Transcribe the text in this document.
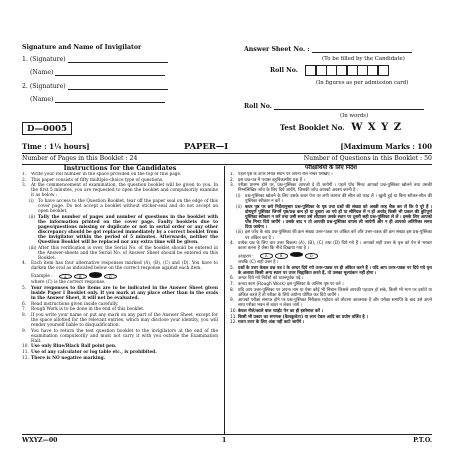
Signature and Name of Invigilator
1. (Signature)
(Name)
2. (Signature)
(Name)
Answer Sheet No. :
(To be filled by the Candidate)
Roll No.
(In figures as per admission card)
Roll No.
(In words)
Test Booklet No. W X Y Z
D—0005
Time : 1¼ hours]	PAPER—I	[Maximum Marks : 100
Number of Pages in this Booklet : 24	Number of Questions in this Booklet : 50
Instructions for the Candidates	परीक्षार्थियों के लिए निर्देश
1. Write your roll number in the space provided on the top of this page.
2. This paper consists of fifty multiple-choice type of questions.
3. At the commencement of examination, the question booklet will be given to you. In the first 5 minutes, you are requested to open the booklet and compulsorily examine it as below :
(i) To have access to the Question Booklet, tear off the paper seal on the edge of this cover page. Do not accept a booklet without sticker-seal and do not accept an open booklet.
(ii) Tally the number of pages and number of questions in the booklet with the information printed on the cover page. Faulty booklets due to pages/questions missing or duplicate or not in serial order or any other discrepancy should be got replaced immediately by a correct booklet from the invigilator within the period of 5 minutes. Afterwards, neither the Question Booklet will be replaced nor any extra time will be given.
(iii) After this verification is over, the Serial No. of the booklet should be entered in the Answer-sheets and the Serial No. of Answer Sheet should be entered on this Booklet.
4. Each item has four alternative responses marked (A), (B), (C) and (D). You have to darken the oval as indicated below on the correct response against each item.
Example :	A	B	D
where (C) is the correct response.
5. Your responses to the items are to be indicated in the Answer Sheet given inside Paper I Booklet only. If you mark at any place other than in the ovals in the Answer Sheet, it will not be evaluated.
6. Read instructions given inside carefully.
7. Rough Work is to be done in the end of this booklet.
8. If you write your name or put any mark on any part of the Answer Sheet, except for the space allotted for the relevant entries, which may disclose your identity, you will render yourself liable to disqualification.
9. You have to return the test question booklet to the invigilators at the end of the examination compulsorily and must not carry it with you outside the Examination Hall.
10. Use only Blue/Black Ball point pen.
11. Use of any calculator or log table etc., is prohibited.
12. There is NO negative marking.
1. पहले पृष्ठ के ऊपर नियत स्थान पर अपना रोल नम्बर लिखिए ।
2. इस प्रश्न-पत्र में पचास बहुविकल्पीय प्रश्न हैं ।
3. परीक्षा प्रारम्भ होने पर, प्रश्न-पुस्तिका आपको दे दी जायेगी । पहले पाँच मिनट आपको प्रश्न-पुस्तिका खोलने तथा उसकी निम्नलिखित जाँच के लिए दिये जायेंगे, जिसकी जाँच आपको अवश्य करनी है :
(i) प्रश्न-पुस्तिका खोलने के लिए उसके कवर पेज पर लगी कागज की सील को फाड़ लें । खुली हुई या बिना स्टीकर-सील की पुस्तिका स्वीकार न करें ।
(ii) कवर पृष्ठ पर छपे निर्देशानुसार प्रश्न-पुस्तिका के पृष्ठ तथा प्रश्नों की संख्या को अच्छी तरह चैक कर लें कि ये पूरे हैं । दोषपूर्ण पुस्तिका जिनमें पृष्ठ/प्रश्न कम हों या दुबारा आ गये हों या सीरियल में न हों अर्थात् किसी भी प्रकार की त्रुटिपूर्ण पुस्तिका स्वीकार न करें तथा उसी समय उसे लौटाकर उसके स्थान पर दूसरी सही प्रश्न-पुस्तिका ले लें । इसके लिए आपको पाँच मिनट दिये जायेंगे । उसके बाद न तो आपकी प्रश्न-पुस्तिका वापस ली जायेगी और न ही आपको अतिरिक्त समय दिया जायेगा ।
(iii) इस जाँच के बाद प्रश्न-पुस्तिका की क्रम संख्या उत्तर-पत्रक पर अंकित करें और उत्तर-पत्रक की क्रम संख्या इस प्रश्न-पुस्तिका पर अंकित कर दें ।
4. प्रत्येक प्रश्न के लिए चार उत्तर विकल्प (A), (B), (C) तथा (D) दिये गये हैं । आपको सही उत्तर के वृत्त को पेन से भरकर काला करना है जैसा कि नीचे दिखाया गया है ।
उदाहरण :	A	B	D
जबकि (C) सही उत्तर है ।
5. प्रश्नों के उत्तर केवल प्रश्न पत्र I के अन्दर दिये गये उत्तर-पत्रक पर ही अंकित करने हैं । यदि आप उत्तर-पत्रक पर दिये गये वृत्त के अलावा किसी अन्य स्थान पर उत्तर चिह्नांकित करते हैं, तो उसका मूल्यांकन नहीं होगा ।
6. अन्दर दिये गये निर्देशों को ध्यानपूर्वक पढ़ें ।
7. कच्चा काम (Rough Work) इस पुस्तिका के अन्तिम पृष्ठ पर करें ।
8. यदि आप उत्तर-पुस्तिका पर अपना नाम या ऐसा कोई भी निशान जिससे आपकी पहचान हो सके, किसी भी भाग पर दर्शाते या अंकित करते हैं तो परीक्षा के लिये अयोग्य घोषित कर दिये जायेंगे ।
9. आपको परीक्षा समाप्त होने पर प्रश्न-पुस्तिका निरीक्षक महोदय को लौटाना आवश्यक है और परीक्षा समाप्ति के बाद उसे अपने साथ परीक्षा भवन से बाहर न लेकर जायें ।
10. केवल नीले/काले बाल प्वाईंट पेन का ही इस्तेमाल करें ।
11. किसी भी प्रकार का संगणक (कैलकुलेटर) या लाग टेबल आदि का प्रयोग वर्जित है ।
12. गलत उत्तर के लिए अंक नहीं काटे जायेंगे ।
WXYZ—00	1	P.T.O.
